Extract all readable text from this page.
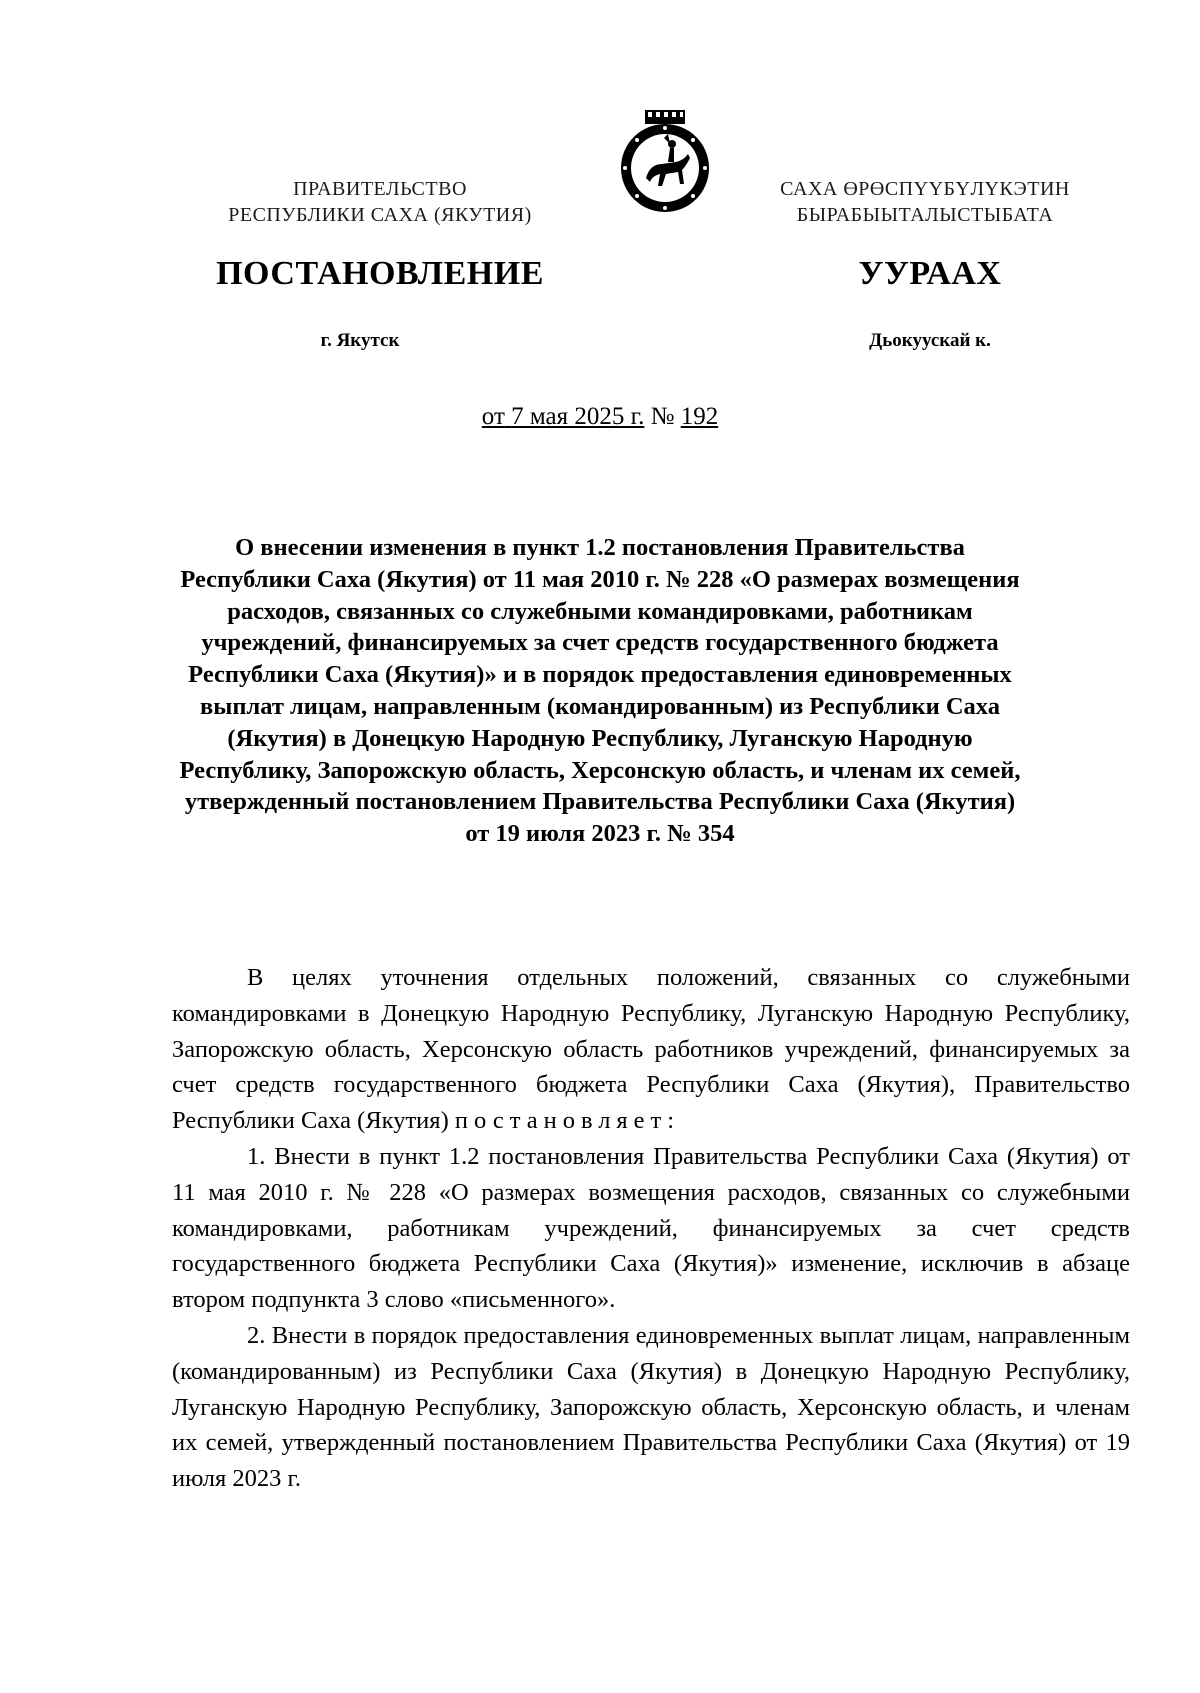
ПРАВИТЕЛЬСТВО
РЕСПУБЛИКИ САХА (ЯКУТИЯ)
САХА ӨРӨСПҮҮБҮЛҮКЭТИН
БЫРАБЫЫТАЛЫСТЫБАТА
ПОСТАНОВЛЕНИЕ	УУРААХ
г. Якутск	Дьокуускай к.
от 7 мая 2025 г. № 192
О внесении изменения в пункт 1.2 постановления Правительства Республики Саха (Якутия) от 11 мая 2010 г. № 228 «О размерах возмещения расходов, связанных со служебными командировками, работникам учреждений, финансируемых за счет средств государственного бюджета Республики Саха (Якутия)» и в порядок предоставления единовременных выплат лицам, направленным (командированным) из Республики Саха (Якутия) в Донецкую Народную Республику, Луганскую Народную Республику, Запорожскую область, Херсонскую область, и членам их семей, утвержденный постановлением Правительства Республики Саха (Якутия) от 19 июля 2023 г. № 354

В целях уточнения отдельных положений, связанных со служебными командировками в Донецкую Народную Республику, Луганскую Народную Республику, Запорожскую область, Херсонскую область работников учреждений, финансируемых за счет средств государственного бюджета Республики Саха (Якутия), Правительство Республики Саха (Якутия) постановляет:

1. Внести в пункт 1.2 постановления Правительства Республики Саха (Якутия) от 11 мая 2010 г. № 228 «О размерах возмещения расходов, связанных со служебными командировками, работникам учреждений, финансируемых за счет средств государственного бюджета Республики Саха (Якутия)» изменение, исключив в абзаце втором подпункта 3 слово «письменного».

2. Внести в порядок предоставления единовременных выплат лицам, направленным (командированным) из Республики Саха (Якутия) в Донецкую Народную Республику, Луганскую Народную Республику, Запорожскую область, Херсонскую область, и членам их семей, утвержденный постановлением Правительства Республики Саха (Якутия) от 19 июля 2023 г.
